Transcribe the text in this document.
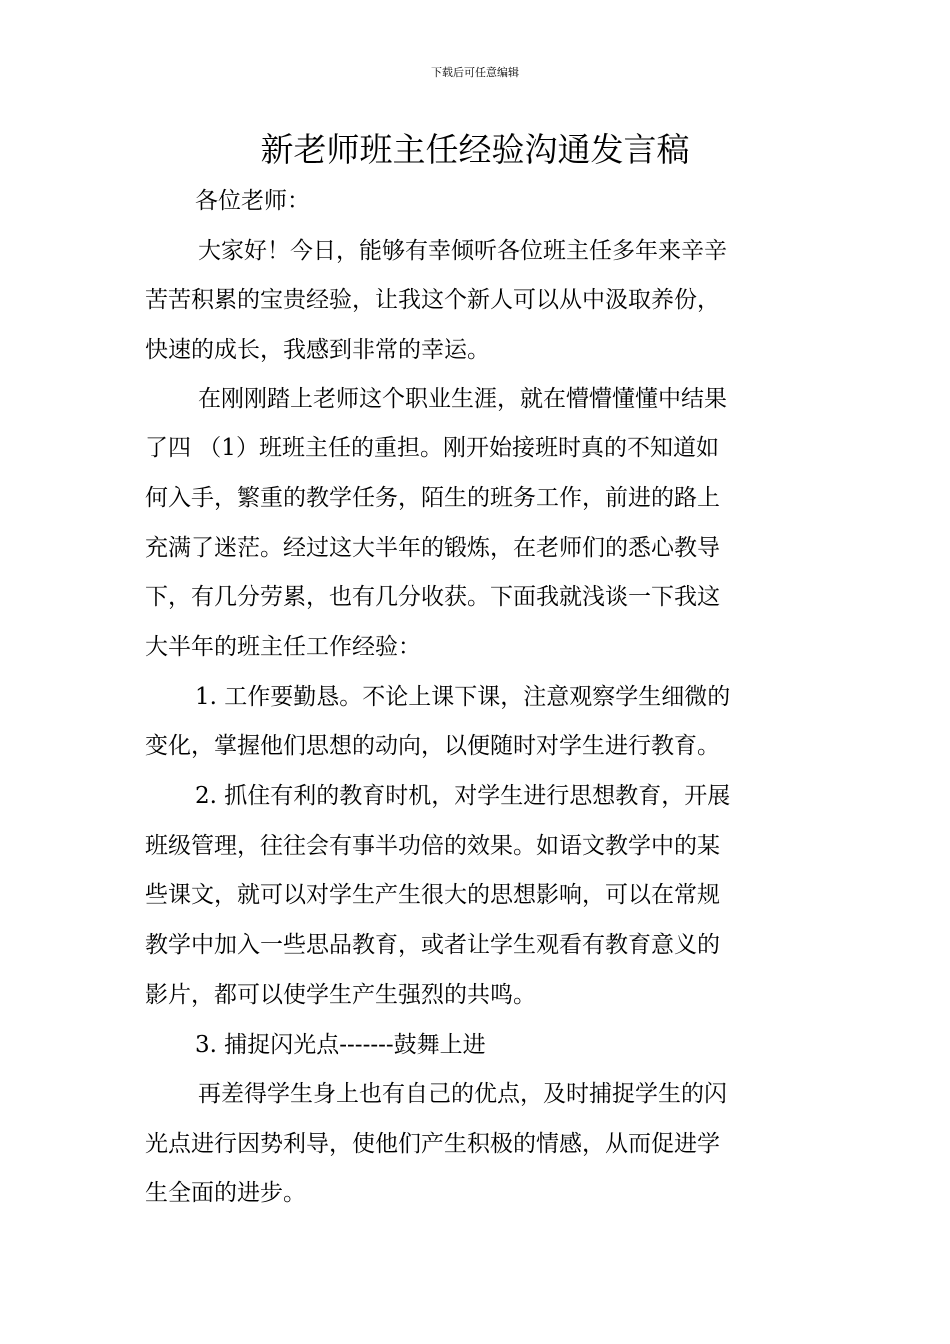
下载后可任意编辑
新老师班主任经验沟通发言稿
各位老师：
大家好！今日，能够有幸倾听各位班主任多年来辛辛
苦苦积累的宝贵经验，让我这个新人可以从中汲取养份，
快速的成长，我感到非常的幸运。
在刚刚踏上老师这个职业生涯，就在懵懵懂懂中结果
了四 （1）班班主任的重担。刚开始接班时真的不知道如
何入手，繁重的教学任务，陌生的班务工作，前进的路上
充满了迷茫。经过这大半年的锻炼，在老师们的悉心教导
下，有几分劳累，也有几分收获。下面我就浅谈一下我这
大半年的班主任工作经验：
1. 工作要勤恳。不论上课下课，注意观察学生细微的
变化，掌握他们思想的动向，以便随时对学生进行教育。
2. 抓住有利的教育时机，对学生进行思想教育，开展
班级管理，往往会有事半功倍的效果。如语文教学中的某
些课文，就可以对学生产生很大的思想影响，可以在常规
教学中加入一些思品教育，或者让学生观看有教育意义的
影片，都可以使学生产生强烈的共鸣。
3. 捕捉闪光点-------鼓舞上进
再差得学生身上也有自己的优点，及时捕捉学生的闪
光点进行因势利导，使他们产生积极的情感，从而促进学
生全面的进步。
